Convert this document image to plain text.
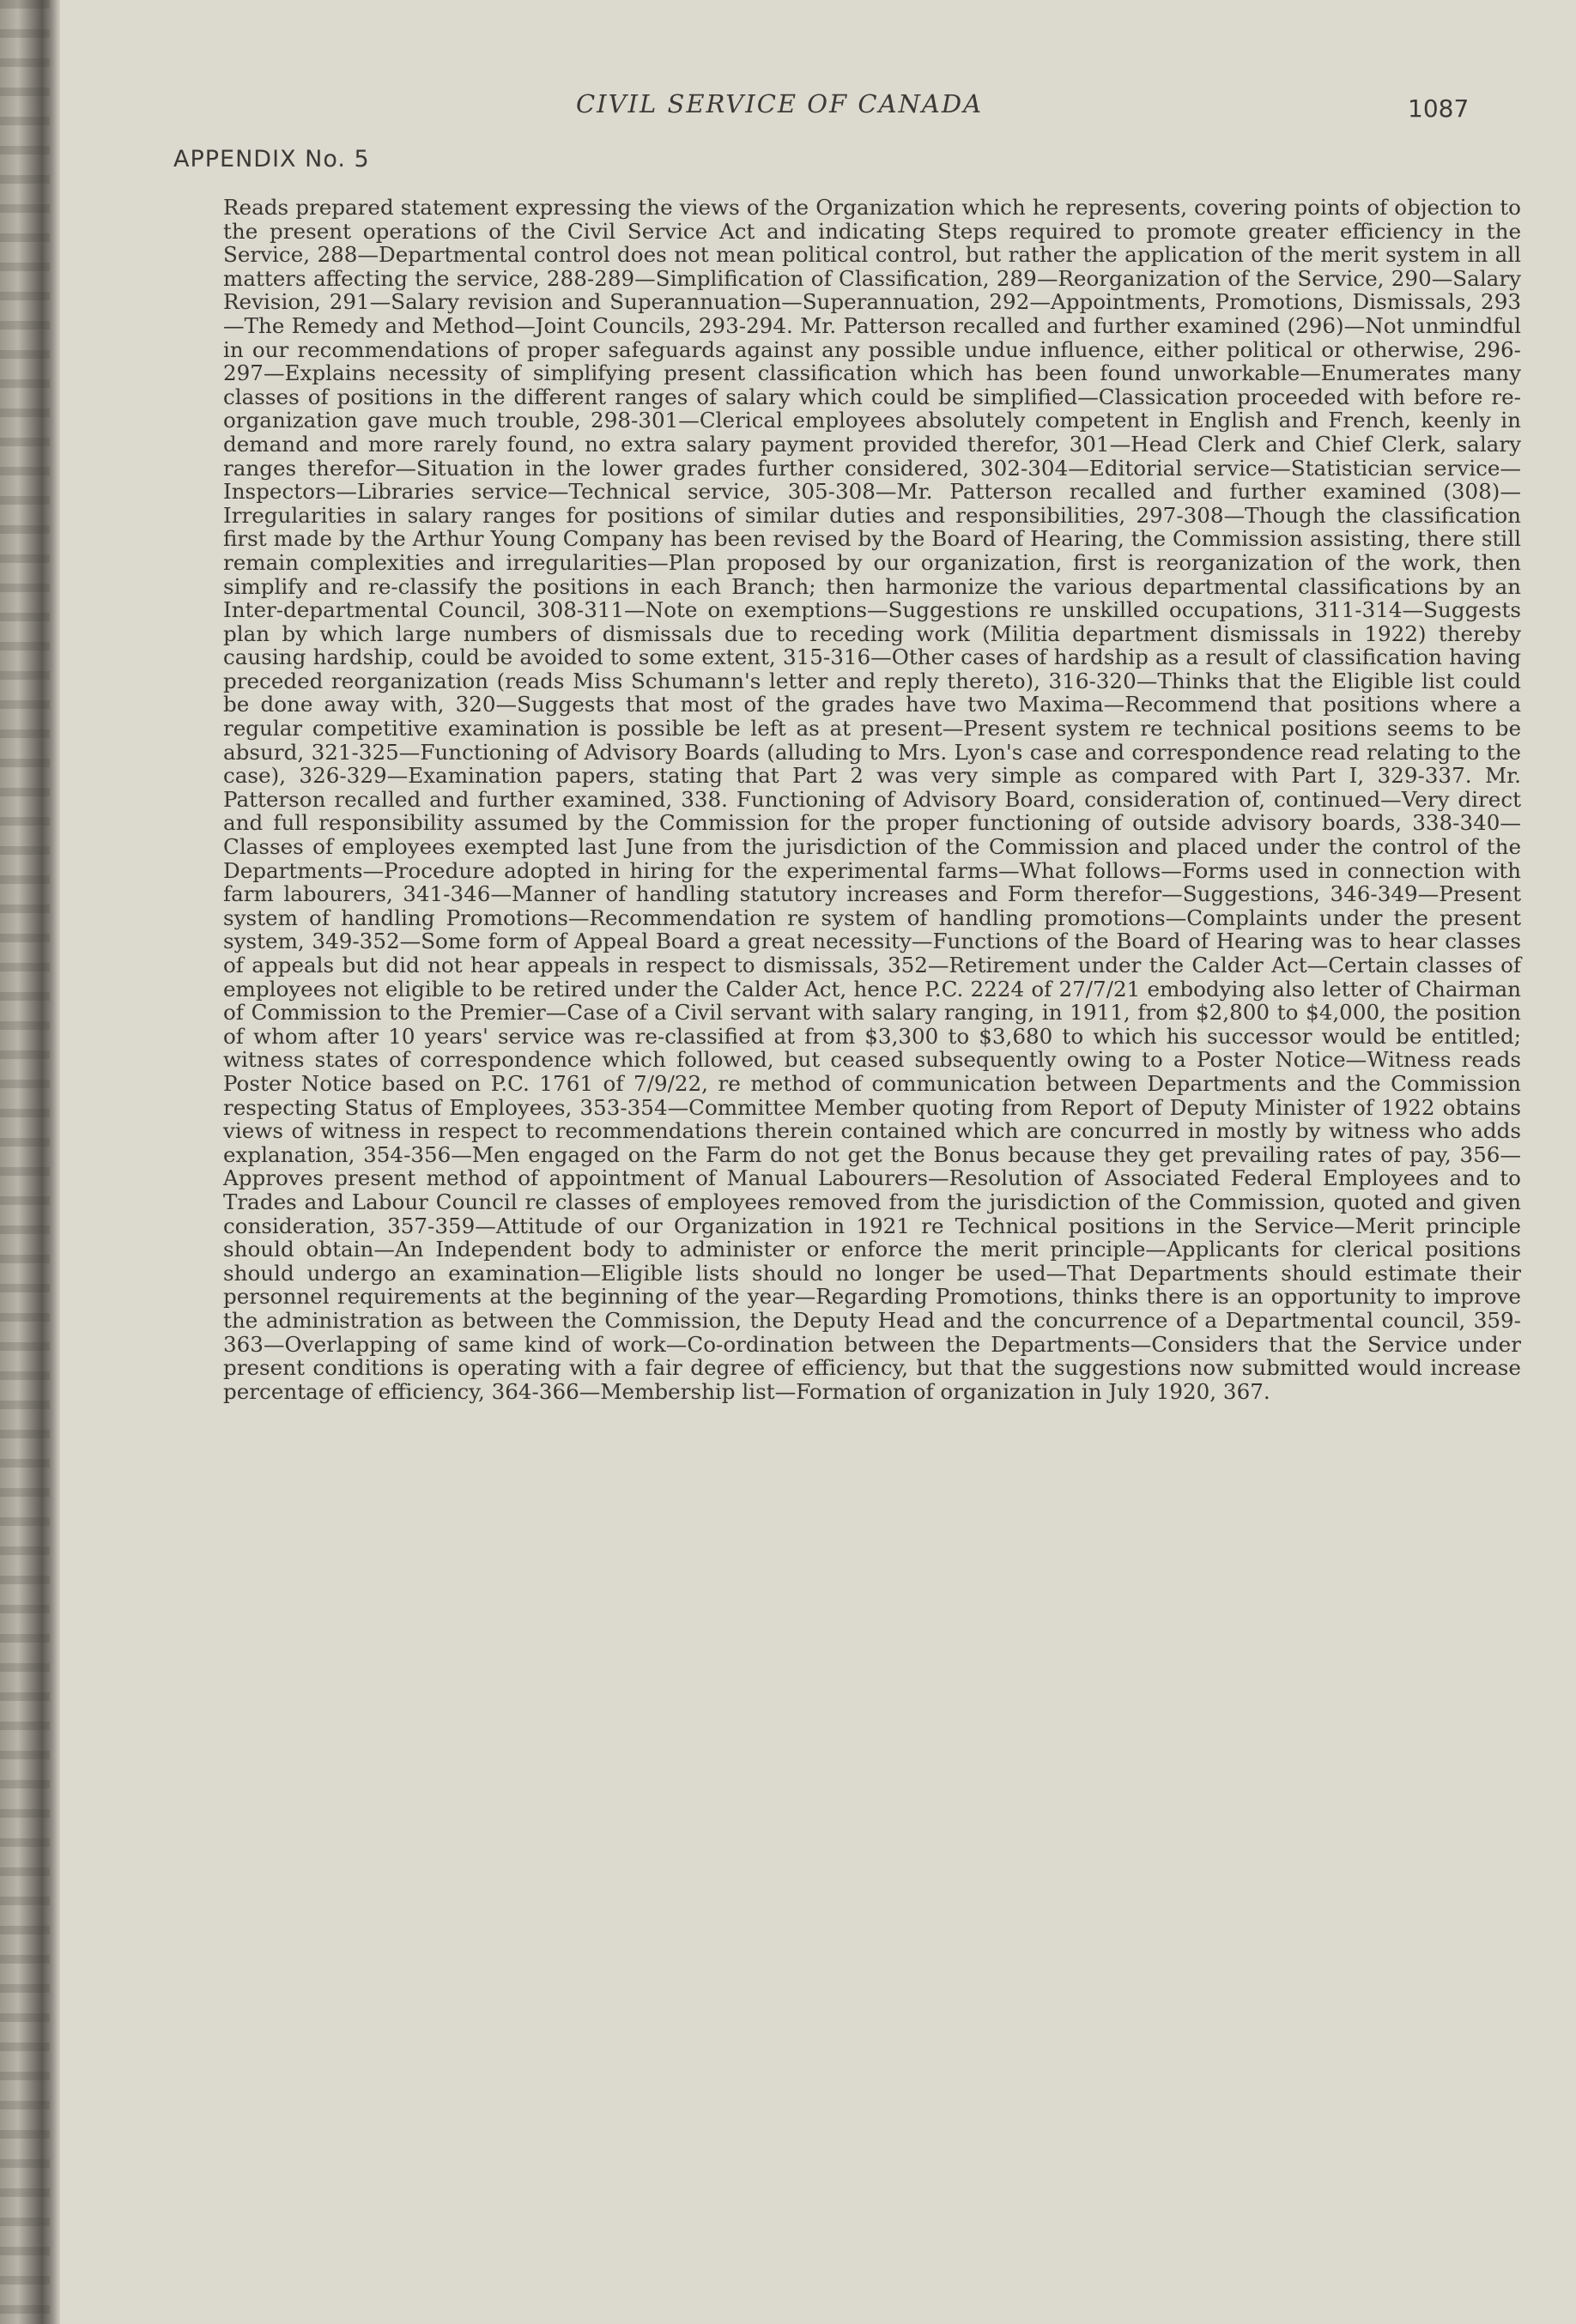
CIVIL SERVICE OF CANADA	1087
APPENDIX No. 5

Reads prepared statement expressing the views of the Organization which he represents, covering points of objection to the present operations of the Civil Service Act and indicating Steps required to promote greater efficiency in the Service, 288—Departmental control does not mean political control, but rather the application of the merit system in all matters affecting the service, 288-289—Simplification of Classification, 289—Reorganization of the Service, 290—Salary Revision, 291—Salary revision and Superannuation—Superannuation, 292—Appointments, Promotions, Dismissals, 293—The Remedy and Method—Joint Councils, 293-294. Mr. Patterson recalled and further examined (296)—Not unmindful in our recommendations of proper safeguards against any possible undue influence, either political or otherwise, 296-297—Explains necessity of simplifying present classification which has been found unworkable—Enumerates many classes of positions in the different ranges of salary which could be simplified—Classication proceeded with before re-organization gave much trouble, 298-301—Clerical employees absolutely competent in English and French, keenly in demand and more rarely found, no extra salary payment provided therefor, 301—Head Clerk and Chief Clerk, salary ranges therefor—Situation in the lower grades further considered, 302-304—Editorial service—Statistician service—Inspectors—Libraries service—Technical service, 305-308—Mr. Patterson recalled and further examined (308)—Irregularities in salary ranges for positions of similar duties and responsibilities, 297-308—Though the classification first made by the Arthur Young Company has been revised by the Board of Hearing, the Commission assisting, there still remain complexities and irregularities—Plan proposed by our organization, first is reorganization of the work, then simplify and re-classify the positions in each Branch; then harmonize the various departmental classifications by an Inter-departmental Council, 308-311—Note on exemptions—Suggestions re unskilled occupations, 311-314—Suggests plan by which large numbers of dismissals due to receding work (Militia department dismissals in 1922) thereby causing hardship, could be avoided to some extent, 315-316—Other cases of hardship as a result of classification having preceded reorganization (reads Miss Schumann's letter and reply thereto), 316-320—Thinks that the Eligible list could be done away with, 320—Suggests that most of the grades have two Maxima—Recommend that positions where a regular competitive examination is possible be left as at present—Present system re technical positions seems to be absurd, 321-325—Functioning of Advisory Boards (alluding to Mrs. Lyon's case and correspondence read relating to the case), 326-329—Examination papers, stating that Part 2 was very simple as compared with Part I, 329-337. Mr. Patterson recalled and further examined, 338. Functioning of Advisory Board, consideration of, continued—Very direct and full responsibility assumed by the Commission for the proper functioning of outside advisory boards, 338-340—Classes of employees exempted last June from the jurisdiction of the Commission and placed under the control of the Departments—Procedure adopted in hiring for the experimental farms—What follows—Forms used in connection with farm labourers, 341-346—Manner of handling statutory increases and Form therefor—Suggestions, 346-349—Present system of handling Promotions—Recommendation re system of handling promotions—Complaints under the present system, 349-352—Some form of Appeal Board a great necessity—Functions of the Board of Hearing was to hear classes of appeals but did not hear appeals in respect to dismissals, 352—Retirement under the Calder Act—Certain classes of employees not eligible to be retired under the Calder Act, hence P.C. 2224 of 27/7/21 embodying also letter of Chairman of Commission to the Premier—Case of a Civil servant with salary ranging, in 1911, from $2,800 to $4,000, the position of whom after 10 years' service was re-classified at from $3,300 to $3,680 to which his successor would be entitled; witness states of correspondence which followed, but ceased subsequently owing to a Poster Notice—Witness reads Poster Notice based on P.C. 1761 of 7/9/22, re method of communication between Departments and the Commission respecting Status of Employees, 353-354—Committee Member quoting from Report of Deputy Minister of 1922 obtains views of witness in respect to recommendations therein contained which are concurred in mostly by witness who adds explanation, 354-356—Men engaged on the Farm do not get the Bonus because they get prevailing rates of pay, 356—Approves present method of appointment of Manual Labourers—Resolution of Associated Federal Employees and to Trades and Labour Council re classes of employees removed from the jurisdiction of the Commission, quoted and given consideration, 357-359—Attitude of our Organization in 1921 re Technical positions in the Service—Merit principle should obtain—An Independent body to administer or enforce the merit principle—Applicants for clerical positions should undergo an examination—Eligible lists should no longer be used—That Departments should estimate their personnel requirements at the beginning of the year—Regarding Promotions, thinks there is an opportunity to improve the administration as between the Commission, the Deputy Head and the concurrence of a Departmental council, 359-363—Overlapping of same kind of work—Co-ordination between the Departments—Considers that the Service under present conditions is operating with a fair degree of efficiency, but that the suggestions now submitted would increase percentage of efficiency, 364-366—Membership list—Formation of organization in July 1920, 367.
